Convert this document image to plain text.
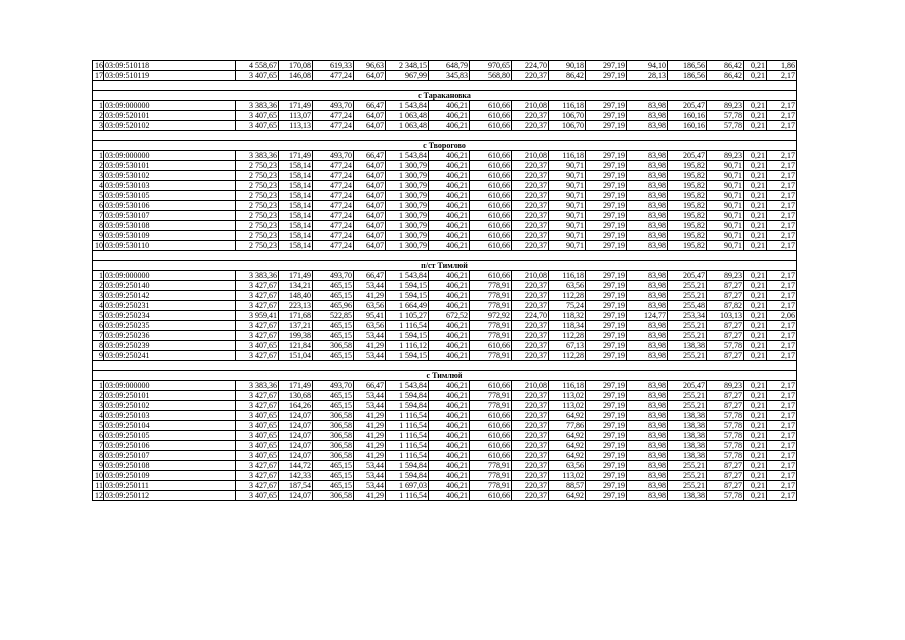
16	03:09:510118	4 558,67	170,08	619,33	96,63	2 348,15	648,79	970,65	224,70	90,18	297,19	94,10	186,56	86,42	0,21	1,86
17	03:09:510119	3 407,65	146,08	477,24	64,07	967,99	345,83	568,80	220,37	86,42	297,19	28,13	186,56	86,42	0,21	2,17

с Таракановка																
1	03:09:000000	3 383,36	171,49	493,70	66,47	1 543,84	406,21	610,66	210,08	116,18	297,19	83,98	205,47	89,23	0,21	2,17
2	03:09:520101	3 407,65	113,07	477,24	64,07	1 063,48	406,21	610,66	220,37	106,70	297,19	83,98	160,16	57,78	0,21	2,17
3	03:09:520102	3 407,65	113,13	477,24	64,07	1 063,48	406,21	610,66	220,37	106,70	297,19	83,98	160,16	57,78	0,21	2,17

с Творогово																
1	03:09:000000	3 383,36	171,49	493,70	66,47	1 543,84	406,21	610,66	210,08	116,18	297,19	83,98	205,47	89,23	0,21	2,17
2	03:09:530101	2 750,23	158,14	477,24	64,07	1 300,79	406,21	610,66	220,37	90,71	297,19	83,98	195,82	90,71	0,21	2,17
3	03:09:530102	2 750,23	158,14	477,24	64,07	1 300,79	406,21	610,66	220,37	90,71	297,19	83,98	195,82	90,71	0,21	2,17
4	03:09:530103	2 750,23	158,14	477,24	64,07	1 300,79	406,21	610,66	220,37	90,71	297,19	83,98	195,82	90,71	0,21	2,17
5	03:09:530105	2 750,23	158,14	477,24	64,07	1 300,79	406,21	610,66	220,37	90,71	297,19	83,98	195,82	90,71	0,21	2,17
6	03:09:530106	2 750,23	158,14	477,24	64,07	1 300,79	406,21	610,66	220,37	90,71	297,19	83,98	195,82	90,71	0,21	2,17
7	03:09:530107	2 750,23	158,14	477,24	64,07	1 300,79	406,21	610,66	220,37	90,71	297,19	83,98	195,82	90,71	0,21	2,17
8	03:09:530108	2 750,23	158,14	477,24	64,07	1 300,79	406,21	610,66	220,37	90,71	297,19	83,98	195,82	90,71	0,21	2,17
9	03:09:530109	2 750,23	158,14	477,24	64,07	1 300,79	406,21	610,66	220,37	90,71	297,19	83,98	195,82	90,71	0,21	2,17
10	03:09:530110	2 750,23	158,14	477,24	64,07	1 300,79	406,21	610,66	220,37	90,71	297,19	83,98	195,82	90,71	0,21	2,17

п/ст Тимлюй																
1	03:09:000000	3 383,36	171,49	493,70	66,47	1 543,84	406,21	610,66	210,08	116,18	297,19	83,98	205,47	89,23	0,21	2,17
2	03:09:250140	3 427,67	134,21	465,15	53,44	1 594,15	406,21	778,91	220,37	63,56	297,19	83,98	255,21	87,27	0,21	2,17
3	03:09:250142	3 427,67	148,40	465,15	41,29	1 594,15	406,21	778,91	220,37	112,28	297,19	83,98	255,21	87,27	0,21	2,17
4	03:09:250231	3 427,67	223,13	465,96	63,56	1 664,49	406,21	778,91	220,37	75,24	297,19	83,98	255,48	87,82	0,21	2,17
5	03:09:250234	3 959,41	171,68	522,85	95,41	1 105,27	672,52	972,92	224,70	118,32	297,19	124,77	253,34	103,13	0,21	2,06
6	03:09:250235	3 427,67	137,21	465,15	63,56	1 116,54	406,21	778,91	220,37	118,34	297,19	83,98	255,21	87,27	0,21	2,17
7	03:09:250236	3 427,67	199,38	465,15	53,44	1 594,15	406,21	778,91	220,37	112,28	297,19	83,98	255,21	87,27	0,21	2,17
8	03:09:250239	3 407,65	121,84	306,58	41,29	1 116,12	406,21	610,66	220,37	67,13	297,19	83,98	138,38	57,78	0,21	2,17
9	03:09:250241	3 427,67	151,04	465,15	53,44	1 594,15	406,21	778,91	220,37	112,28	297,19	83,98	255,21	87,27	0,21	2,17

с Тимлюй																
1	03:09:000000	3 383,36	171,49	493,70	66,47	1 543,84	406,21	610,66	210,08	116,18	297,19	83,98	205,47	89,23	0,21	2,17
2	03:09:250101	3 427,67	130,68	465,15	53,44	1 594,84	406,21	778,91	220,37	113,02	297,19	83,98	255,21	87,27	0,21	2,17
3	03:09:250102	3 427,67	164,26	465,15	53,44	1 594,84	406,21	778,91	220,37	113,02	297,19	83,98	255,21	87,27	0,21	2,17
4	03:09:250103	3 407,65	124,07	306,58	41,29	1 116,54	406,21	610,66	220,37	64,92	297,19	83,98	138,38	57,78	0,21	2,17
5	03:09:250104	3 407,65	124,07	306,58	41,29	1 116,54	406,21	610,66	220,37	77,86	297,19	83,98	138,38	57,78	0,21	2,17
6	03:09:250105	3 407,65	124,07	306,58	41,29	1 116,54	406,21	610,66	220,37	64,92	297,19	83,98	138,38	57,78	0,21	2,17
7	03:09:250106	3 407,65	124,07	306,58	41,29	1 116,54	406,21	610,66	220,37	64,92	297,19	83,98	138,38	57,78	0,21	2,17
8	03:09:250107	3 407,65	124,07	306,58	41,29	1 116,54	406,21	610,66	220,37	64,92	297,19	83,98	138,38	57,78	0,21	2,17
9	03:09:250108	3 427,67	144,72	465,15	53,44	1 594,84	406,21	778,91	220,37	63,56	297,19	83,98	255,21	87,27	0,21	2,17
10	03:09:250109	3 427,67	142,33	465,15	53,44	1 594,84	406,21	778,91	220,37	113,02	297,19	83,98	255,21	87,27	0,21	2,17
11	03:09:250111	3 427,67	187,54	465,15	53,44	1 697,03	406,21	778,91	220,37	88,57	297,19	83,98	255,21	87,27	0,21	2,17
12	03:09:250112	3 407,65	124,07	306,58	41,29	1 116,54	406,21	610,66	220,37	64,92	297,19	83,98	138,38	57,78	0,21	2,17
